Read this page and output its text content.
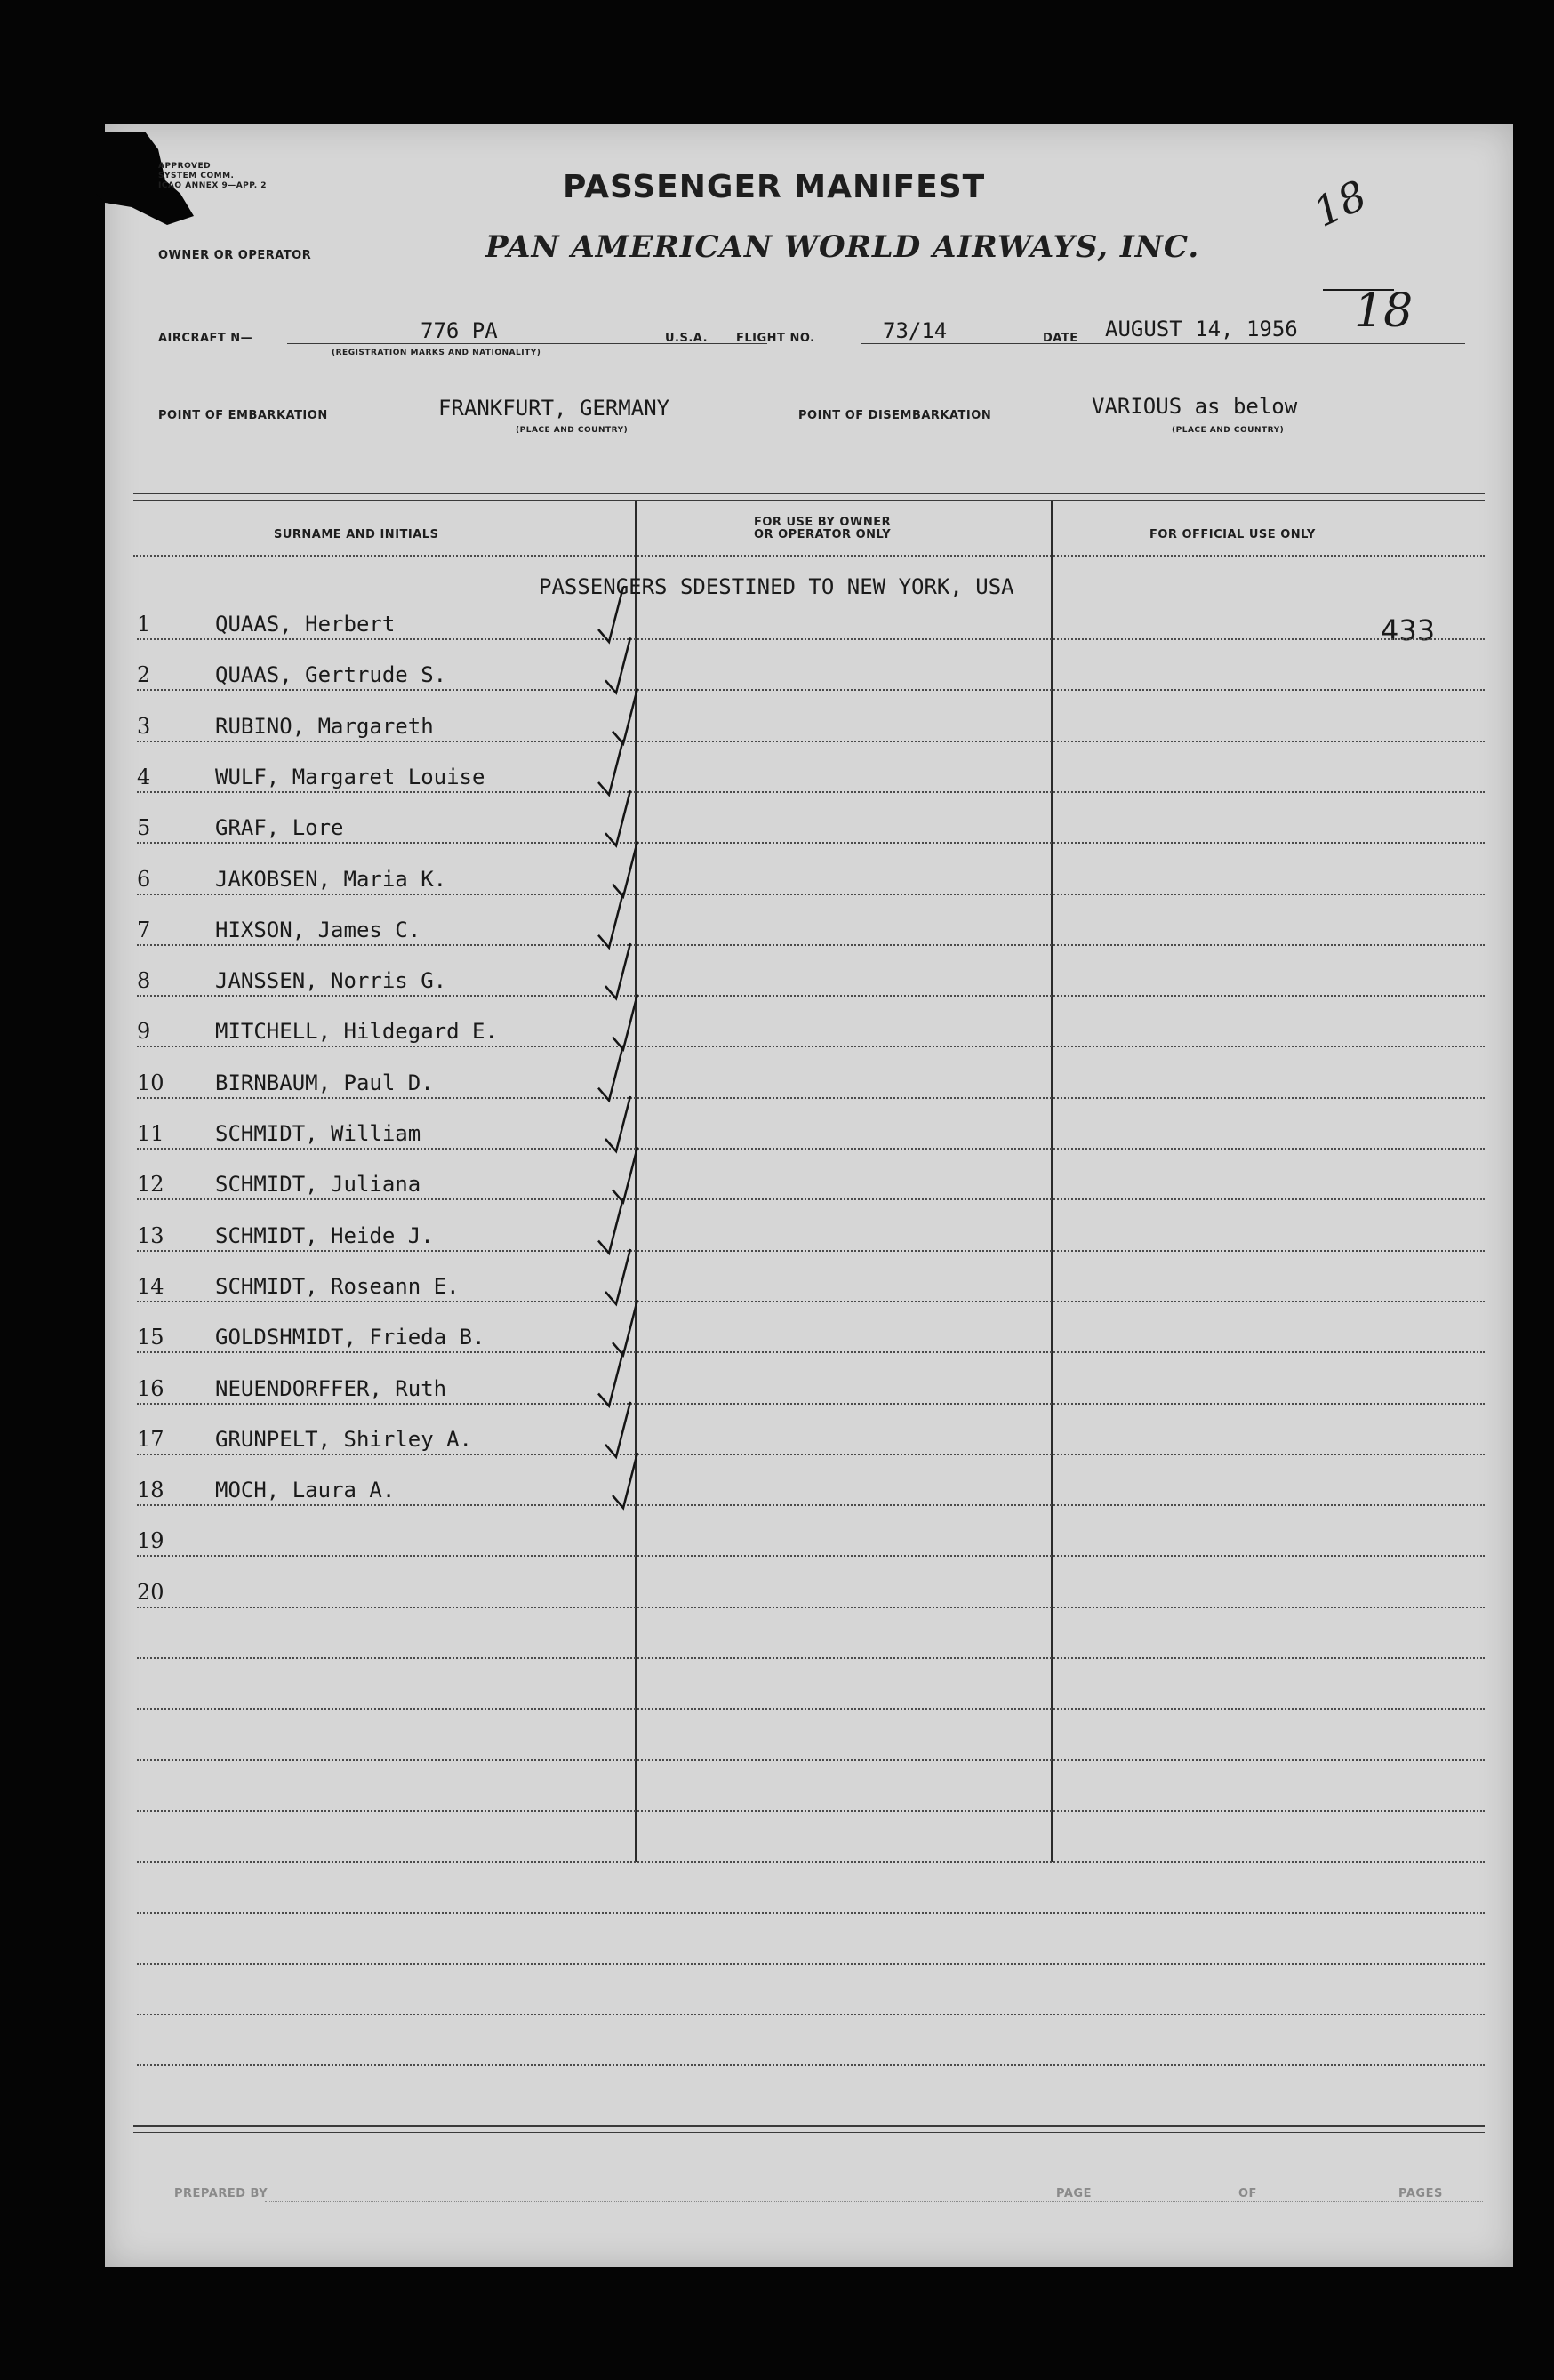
APPROVED
SYSTEM COMM.
ICAO ANNEX 9—APP. 2	PASSENGER MANIFEST
OWNER OR OPERATOR	PAN AMERICAN WORLD AIRWAYS, INC.
18
18
AIRCRAFT N—	776 PA
(REGISTRATION MARKS AND NATIONALITY)
U.S.A. FLIGHT NO.	73/14	DATE AUGUST 14, 1956
POINT OF EMBARKATION	FRANKFURT, GERMANY
(PLACE AND COUNTRY)
POINT OF DISEMBARKATION	VARIOUS as below
(PLACE AND COUNTRY)
SURNAME AND INITIALS
FOR USE BY OWNER
OR OPERATOR ONLY	FOR OFFICIAL USE ONLY
PASSENGERS SDESTINED TO NEW YORK, USA
433
1	QUAAS, Herbert
2	QUAAS, Gertrude S.
3	RUBINO, Margareth
4	WULF, Margaret Louise
5	GRAF, Lore
6	JAKOBSEN, Maria K.
7	HIXSON, James C.
8	JANSSEN, Norris G.
9	MITCHELL, Hildegard E.
10 BIRNBAUM, Paul D.
11 SCHMIDT, William
12 SCHMIDT, Juliana
13 SCHMIDT, Heide J.
14 SCHMIDT, Roseann E.
15 GOLDSHMIDT, Frieda B.
16 NEUENDORFFER, Ruth
17 GRUNPELT, Shirley A.
18 MOCH, Laura A.
19
20
PREPARED BY	PAGE	OF	PAGES
